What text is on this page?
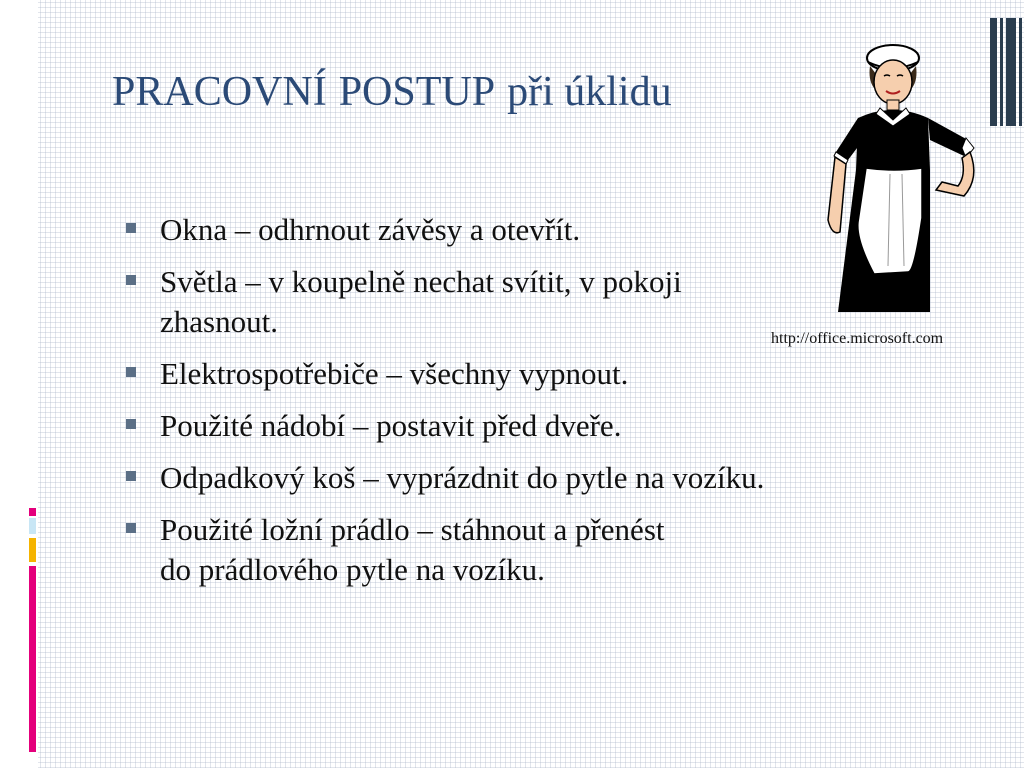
PRACOVNÍ POSTUP při úklidu
Okna – odhrnout závěsy a otevřít.
Světla – v koupelně nechat svítit, v pokoji
zhasnout.
Elektrospotřebiče – všechny vypnout.
Použité nádobí – postavit před dveře.
Odpadkový koš – vyprázdnit do pytle na vozíku.
Použité ložní prádlo – stáhnout a přenést
do prádlového pytle na vozíku.
http://office.microsoft.com
